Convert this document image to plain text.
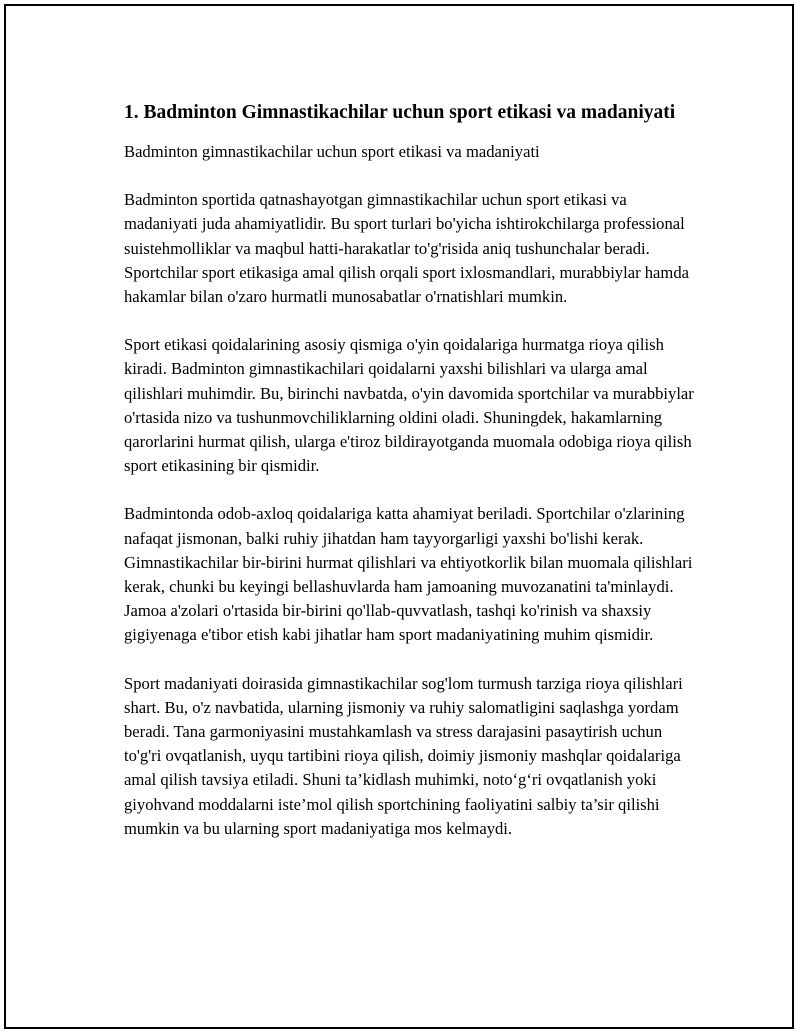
1. Badminton Gimnastikachilar uchun sport etikasi va madaniyati

Badminton gimnastikachilar uchun sport etikasi va madaniyati

Badminton sportida qatnashayotgan gimnastikachilar uchun sport etikasi va madaniyati juda ahamiyatlidir. Bu sport turlari bo'yicha ishtirokchilarga professional suistehmolliklar va maqbul hatti-harakatlar to'g'risida aniq tushunchalar beradi. Sportchilar sport etikasiga amal qilish orqali sport ixlosmandlari, murabbiylar hamda hakamlar bilan o'zaro hurmatli munosabatlar o'rnatishlari mumkin.

Sport etikasi qoidalarining asosiy qismiga o'yin qoidalariga hurmatga rioya qilish kiradi. Badminton gimnastikachilari qoidalarni yaxshi bilishlari va ularga amal qilishlari muhimdir. Bu, birinchi navbatda, o'yin davomida sportchilar va murabbiylar o'rtasida nizo va tushunmovchiliklarning oldini oladi. Shuningdek, hakamlarning qarorlarini hurmat qilish, ularga e'tiroz bildirayotganda muomala odobiga rioya qilish sport etikasining bir qismidir.

Badmintonda odob-axloq qoidalariga katta ahamiyat beriladi. Sportchilar o'zlarining nafaqat jismonan, balki ruhiy jihatdan ham tayyorgarligi yaxshi bo'lishi kerak. Gimnastikachilar bir-birini hurmat qilishlari va ehtiyotkorlik bilan muomala qilishlari kerak, chunki bu keyingi bellashuvlarda ham jamoaning muvozanatini ta'minlaydi. Jamoa a'zolari o'rtasida bir-birini qo'llab-quvvatlash, tashqi ko'rinish va shaxsiy gigiyenaga e'tibor etish kabi jihatlar ham sport madaniyatining muhim qismidir.

Sport madaniyati doirasida gimnastikachilar sog'lom turmush tarziga rioya qilishlari shart. Bu, o'z navbatida, ularning jismoniy va ruhiy salomatligini saqlashga yordam beradi. Tana garmoniyasini mustahkamlash va stress darajasini pasaytirish uchun to'g'ri ovqatlanish, uyqu tartibini rioya qilish, doimiy jismoniy mashqlar qoidalariga amal qilish tavsiya etiladi. Shuni ta’kidlash muhimki, noto‘g‘ri ovqatlanish yoki giyohvand moddalarni iste’mol qilish sportchining faoliyatini salbiy ta’sir qilishi mumkin va bu ularning sport madaniyatiga mos kelmaydi.
